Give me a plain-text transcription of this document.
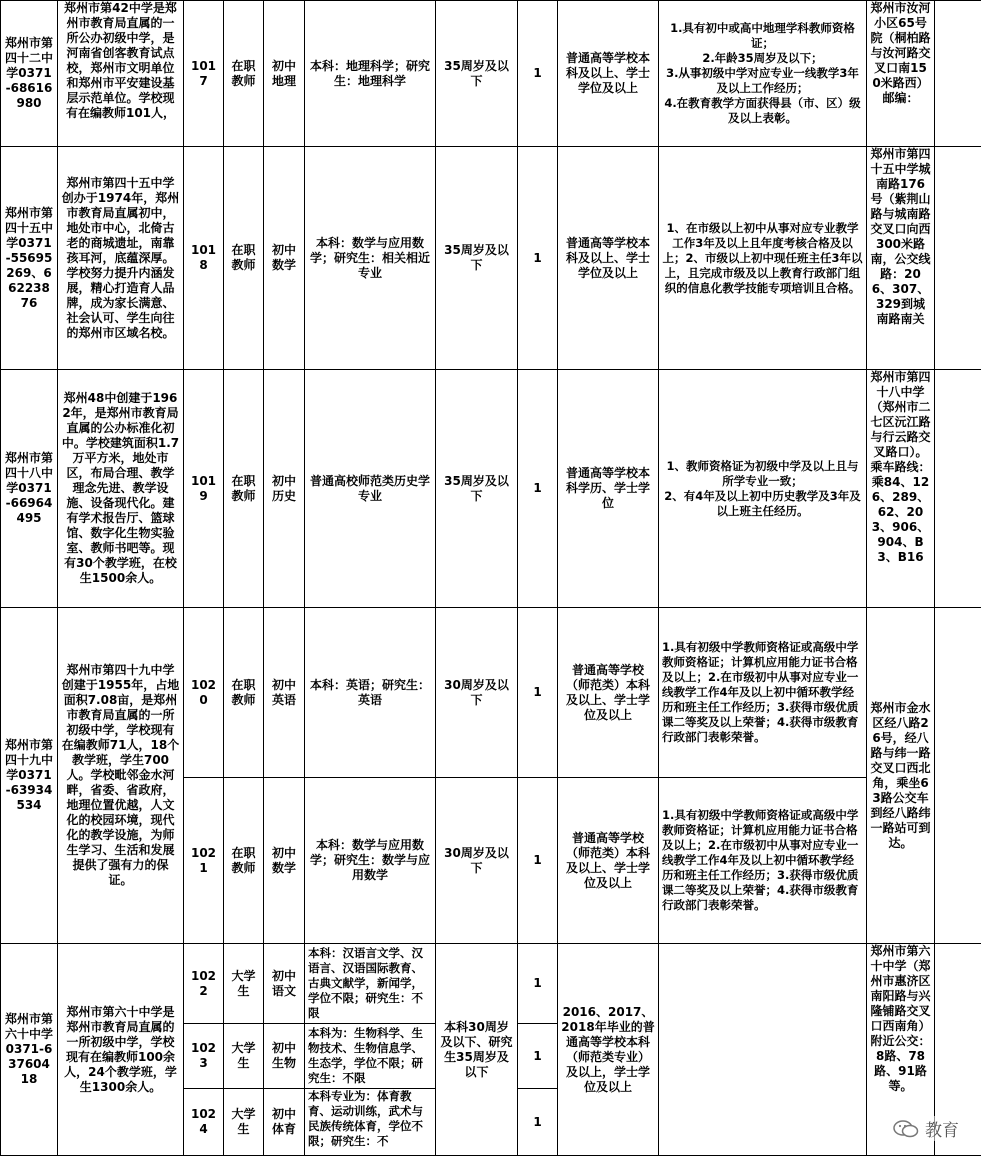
郑州市第四十二中学0371-68616980	郑州市第42中学是郑州市教育局直属的一所公办初级中学，是河南省创客教育试点校，郑州市文明单位和郑州市平安建设基层示范单位。学校现有在编教师101人，	1017	在职教师	初中地理	本科：地理科学；研究生：地理科学	35周岁及以下	1	普通高等学校本科及以上、学士学位及以上	1.具有初中或高中地理学科教师资格证；
2.年龄35周岁及以下；
3.从事初级中学对应专业一线教学3年及以上工作经历；
4.在教育教学方面获得县（市、区）级及以上表彰。	郑州市汝河小区65号院（桐柏路与汝河路交叉口南150米路西）邮编：	
郑州市第四十五中学0371-55695269、66223876	郑州市第四十五中学创办于1974年，郑州市教育局直属初中，地处市中心，北倚古老的商城遗址，南靠孩耳河，底蕴深厚。学校努力提升内涵发展，精心打造育人品牌，成为家长满意、社会认可、学生向往的郑州市区域名校。	1018	在职教师	初中数学	本科：数学与应用数学；研究生：相关相近专业	35周岁及以下	1	普通高等学校本科及以上、学士学位及以上	1、在市级以上初中从事对应专业教学工作3年及以上且年度考核合格及以上；2、市级以上初中现任班主任3年以上，且完成市级及以上教育行政部门组织的信息化教学技能专项培训且合格。	郑州市第四十五中学城南路176号（紫荆山路与城南路交叉口向西300米路南，公交线路：206、307、329到城南路南关	
郑州市第四十八中学0371-66964495	郑州48中创建于1962年，是郑州市教育局直属的公办标准化初中。学校建筑面积1.7万平方米，地处市区，布局合理、教学理念先进、教学设施、设备现代化。建有学术报告厅、篮球馆、数字化生物实验室、教师书吧等。现有30个教学班，在校生1500余人。	1019	在职教师	初中历史	普通高校师范类历史学专业	35周岁及以下	1	普通高等学校本科学历、学士学位	1、教师资格证为初级中学及以上且与所学专业一致；
2、有4年及以上初中历史教学及3年及以上班主任经历。	郑州市第四十八中学（郑州市二七区沅江路与行云路交叉路口）。乘车路线：乘84、126、289、62、203、906、904、B3、B16	
郑州市第四十九中学0371-63934534	郑州市第四十九中学创建于1955年，占地面积7.08亩，是郑州市教育局直属的一所初级中学，学校现有在编教师71人，18个教学班，学生700人。学校毗邻金水河畔，省委、省政府，地理位置优越，人文化的校园环境，现代化的教学设施，为师生学习、生活和发展提供了强有力的保证。	1020	在职教师	初中英语	本科：英语；研究生：英语	30周岁及以下	1	普通高等学校（师范类）本科及以上、学士学位及以上	1.具有初级中学教师资格证或高级中学教师资格证；计算机应用能力证书合格及以上；2.在市级初中从事对应专业一线教学工作4年及以上初中循环教学经历和班主任工作经历；3.获得市级优质课二等奖及以上荣誉；4.获得市级教育行政部门表彰荣誉。	郑州市金水区经八路26号，经八路与纬一路交叉口西北角，乘坐63路公交车到经八路纬一路站可到达。	
		1021	在职教师	初中数学	本科：数学与应用数学；研究生：数学与应用数学	30周岁及以下	1	普通高等学校（师范类）本科及以上、学士学位及以上	1.具有初级中学教师资格证或高级中学教师资格证；计算机应用能力证书合格及以上；2.在市级初中从事对应专业一线教学工作4年及以上初中循环教学经历和班主任工作经历；3.获得市级优质课二等奖及以上荣誉；4.获得市级教育行政部门表彰荣誉。		
郑州市第六十中学0371-63760418	郑州市第六十中学是郑州市教育局直属的一所初级中学，学校现有在编教师100余人，24个教学班，学生1300余人。	1022	大学生	初中语文	本科：汉语言文学、汉语言、汉语国际教育、古典文献学，新闻学，学位不限；研究生：不限	本科30周岁及以下、研究生35周岁及以下	1	2016、2017、2018年毕业的普通高等学校本科（师范类专业）及以上，学士学位及以上		郑州市第六十中学（郑州市惠济区南阳路与兴隆铺路交叉口西南角）附近公交：8路、78路、91路等。	
		1023	大学生	初中生物	本科为：生物科学、生物技术、生物信息学、生态学，学位不限；研究生：不限		1				
		1024	大学生	初中体育	本科专业为：体育教育、运动训练，武术与民族传统体育，学位不限；研究生：不		1					教育
